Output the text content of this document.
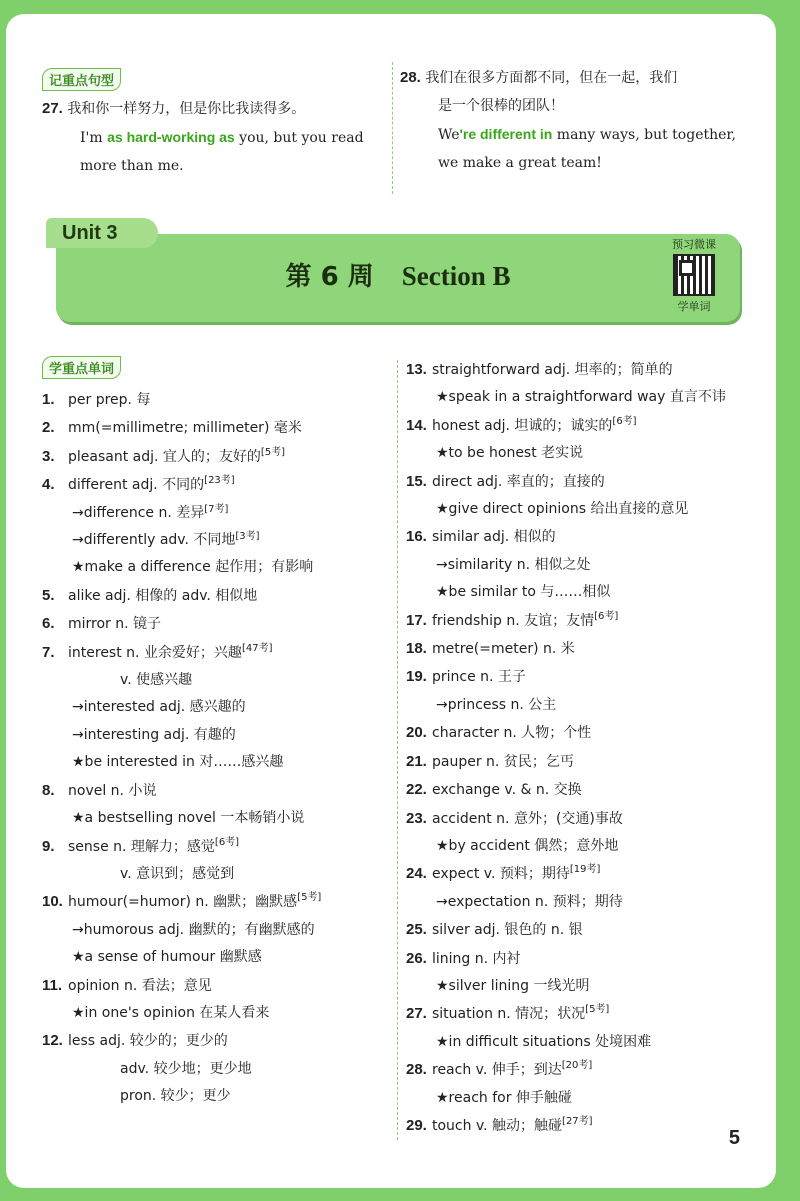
记重点句型
27. 我和你一样努力，但是你比我读得多。
I'm as hard-working as you, but you read
more than me.
28. 我们在很多方面都不同，但在一起，我们
是一个很棒的团队！
We're different in many ways, but together,
we make a great team!
第 6 周 Section B
预习微课
学单词
Unit 3
学重点单词
1. per prep. 每
2. mm(=millimetre; millimeter) 毫米
3. pleasant adj. 宜人的；友好的[5考]
4. different adj. 不同的[23考]
→difference n. 差异[7考]
→differently adv. 不同地[3考]
★make a difference 起作用；有影响
5. alike adj. 相像的 adv. 相似地
6. mirror n. 镜子
7. interest n. 业余爱好；兴趣[47考]
v. 使感兴趣
→interested adj. 感兴趣的
→interesting adj. 有趣的
★be interested in 对……感兴趣
8. novel n. 小说
★a bestselling novel 一本畅销小说
9. sense n. 理解力；感觉[6考]
v. 意识到；感觉到
10. humour(=humor) n. 幽默；幽默感[5考]
→humorous adj. 幽默的；有幽默感的
★a sense of humour 幽默感
11. opinion n. 看法；意见
★in one's opinion 在某人看来
12. less adj. 较少的；更少的
adv. 较少地；更少地
pron. 较少；更少
13. straightforward adj. 坦率的；简单的
★speak in a straightforward way 直言不讳
14. honest adj. 坦诚的；诚实的[6考]
★to be honest 老实说
15. direct adj. 率直的；直接的
★give direct opinions 给出直接的意见
16. similar adj. 相似的
→similarity n. 相似之处
★be similar to 与……相似
17. friendship n. 友谊；友情[6考]
18. metre(=meter) n. 米
19. prince n. 王子
→princess n. 公主
20. character n. 人物；个性
21. pauper n. 贫民；乞丐
22. exchange v. & n. 交换
23. accident n. 意外；(交通)事故
★by accident 偶然；意外地
24. expect v. 预料；期待[19考]
→expectation n. 预料；期待
25. silver adj. 银色的 n. 银
26. lining n. 内衬
★silver lining 一线光明
27. situation n. 情况；状况[5考]
★in difficult situations 处境困难
28. reach v. 伸手；到达[20考]
★reach for 伸手触碰
29. touch v. 触动；触碰[27考]
5
